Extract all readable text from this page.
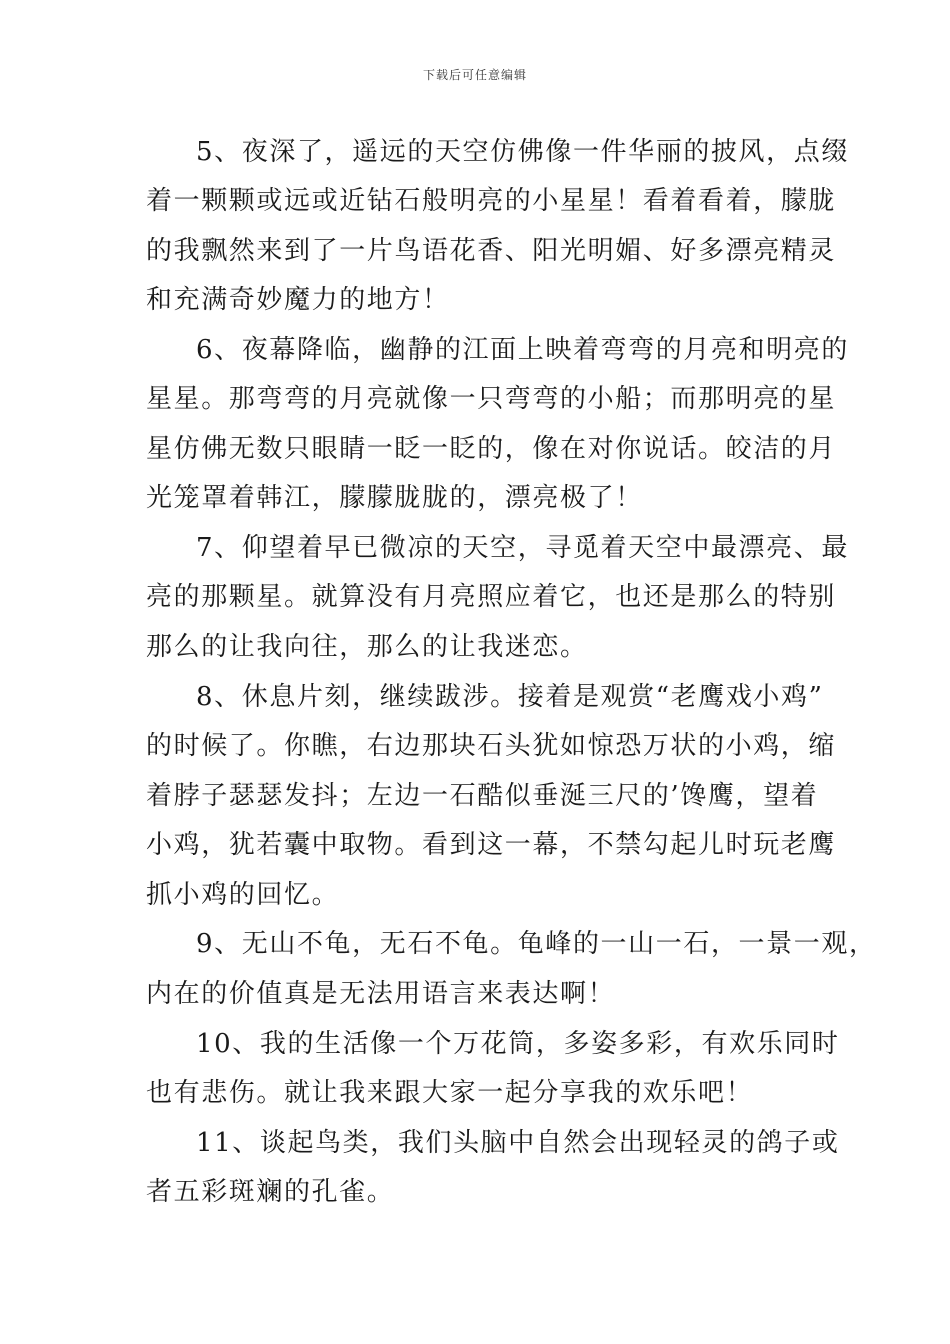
下载后可任意编辑
5、夜深了，遥远的天空仿佛像一件华丽的披风，点缀
着一颗颗或远或近钻石般明亮的小星星！看着看着，朦胧
的我飘然来到了一片鸟语花香、阳光明媚、好多漂亮精灵
和充满奇妙魔力的地方！
6、夜幕降临，幽静的江面上映着弯弯的月亮和明亮的
星星。那弯弯的月亮就像一只弯弯的小船；而那明亮的星
星仿佛无数只眼睛一眨一眨的，像在对你说话。皎洁的月
光笼罩着韩江，朦朦胧胧的，漂亮极了！
7、仰望着早已微凉的天空，寻觅着天空中最漂亮、最
亮的那颗星。就算没有月亮照应着它，也还是那么的特别
那么的让我向往，那么的让我迷恋。
8、休息片刻，继续跋涉。接着是观赏“老鹰戏小鸡”
的时候了。你瞧，右边那块石头犹如惊恐万状的小鸡，缩
着脖子瑟瑟发抖；左边一石酷似垂涎三尺的’馋鹰，望着
小鸡，犹若囊中取物。看到这一幕，不禁勾起儿时玩老鹰
抓小鸡的回忆。
9、无山不龟，无石不龟。龟峰的一山一石，一景一观，
内在的价值真是无法用语言来表达啊！
10、我的生活像一个万花筒，多姿多彩，有欢乐同时
也有悲伤。就让我来跟大家一起分享我的欢乐吧！
11、谈起鸟类，我们头脑中自然会出现轻灵的鸽子或
者五彩斑斓的孔雀。
